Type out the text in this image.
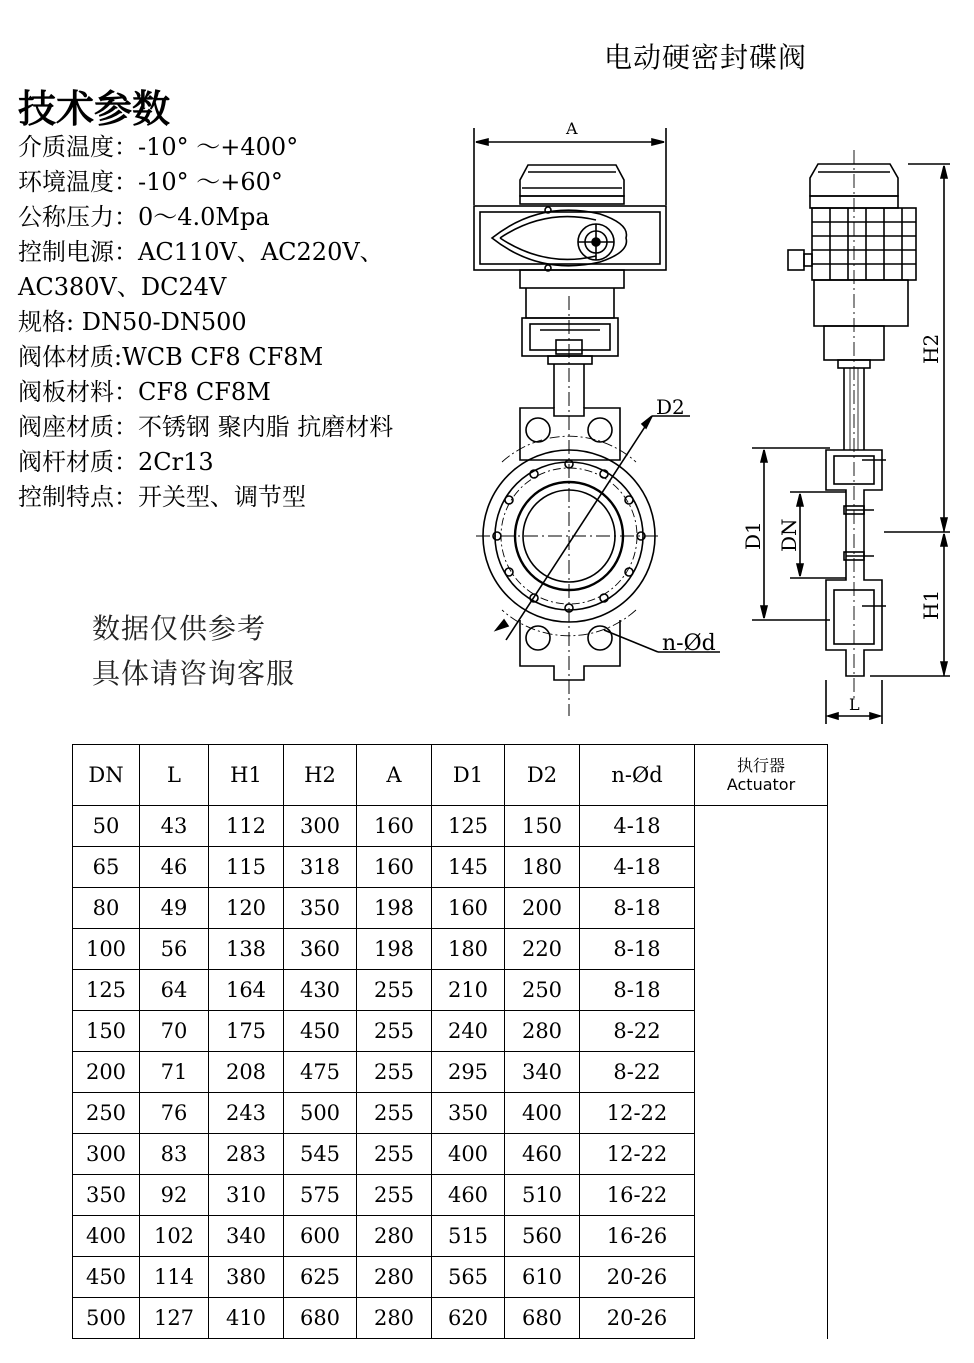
电动硬密封碟阀
技术参数
介质温度：-10° ～+400°
环境温度：-10° ～+60°
公称压力：0～4.0Mpa
控制电源：AC110V、AC220V、
AC380V、DC24V
规格: DN50-DN500
阀体材质:WCB CF8 CF8M
阀板材料：CF8 CF8M
阀座材质：不锈钢 聚内脂 抗磨材料
阀杆材质：2Cr13
控制特点：开关型、调节型
数据仅供参考
具体请咨询客服
A
D2
n-Ød
H2
H1
D1 DN
L
DN	L	H1	H2	A	D1	D2	n-Ød	执行器
Actuator

50	43	112	300	160	125	150	4-18	
65	46	115	318	160	145	180	4-18	
80	49	120	350	198	160	200	8-18	
100	56	138	360	198	180	220	8-18	
125	64	164	430	255	210	250	8-18	
150	70	175	450	255	240	280	8-22	
200	71	208	475	255	295	340	8-22	
250	76	243	500	255	350	400	12-22	
300	83	283	545	255	400	460	12-22	
350	92	310	575	255	460	510	16-22	
400	102	340	600	280	515	560	16-26	
450	114	380	625	280	565	610	20-26	
500	127	410	680	280	620	680	20-26	
